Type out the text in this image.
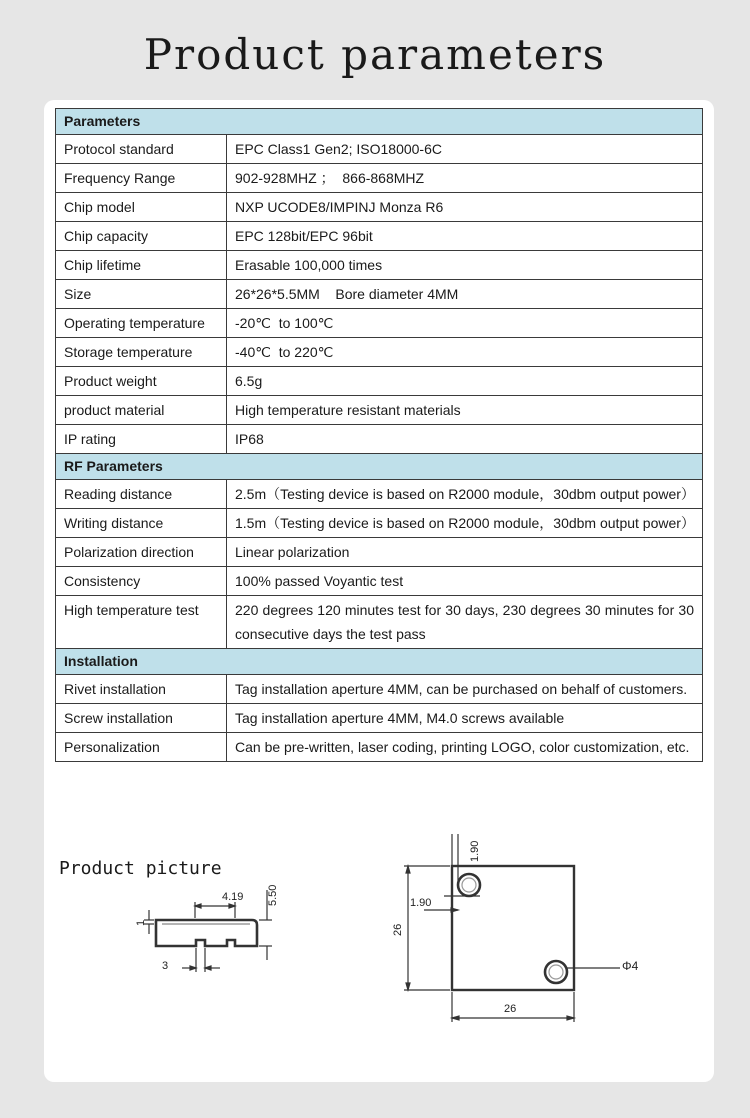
Product parameters
Parameters	
Protocol standard	EPC Class1 Gen2; ISO18000-6C
Frequency Range	902-928MHZ ；  866-868MHZ
Chip model	NXP UCODE8/IMPINJ Monza R6
Chip capacity	EPC 128bit/EPC 96bit
Chip lifetime	Erasable 100,000 times
Size	26*26*5.5MM    Bore diameter 4MM
Operating temperature	-20℃  to 100℃
Storage temperature	-40℃  to 220℃
Product weight	6.5g
product material	High temperature resistant materials
IP rating	IP68
RF Parameters	
Reading distance	2.5m（Testing device is based on R2000 module，30dbm output power）
Writing distance	1.5m（Testing device is based on R2000 module，30dbm output power）
Polarization direction	Linear polarization
Consistency	100% passed Voyantic test
High temperature test	220 degrees 120 minutes test for 30 days, 230 degrees 30 minutes for 30 consecutive days the test pass
Installation	
Rivet installation	Tag installation aperture 4MM, can be purchased on behalf of customers.
Screw installation	Tag installation aperture 4MM, M4.0 screws available
Personalization	Can be pre-written, laser coding, printing LOGO, color customization, etc.
Product picture
4.19 5.50
1
3
1.90
1.90
26
26
Φ4
